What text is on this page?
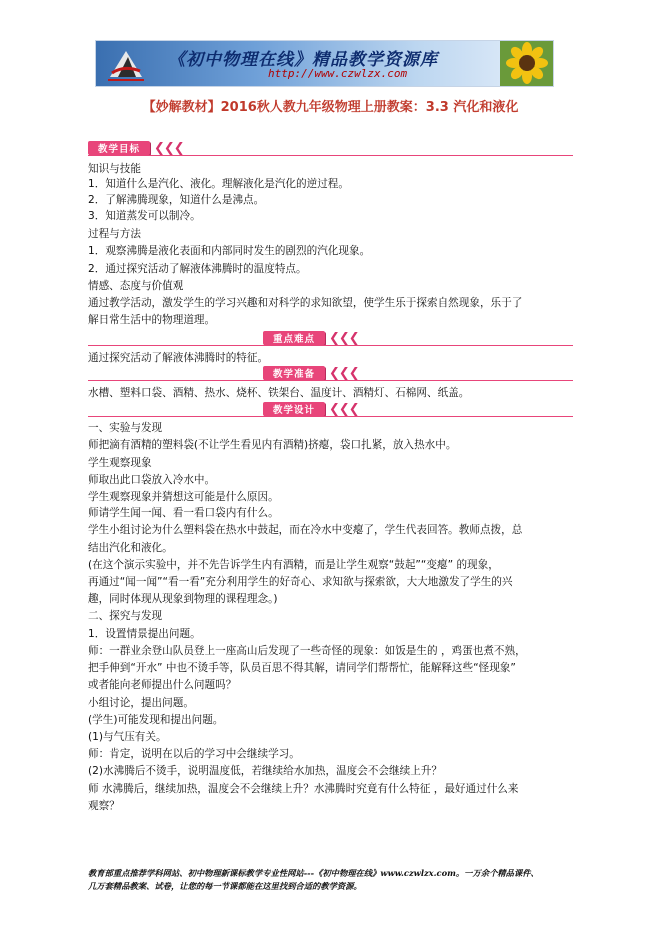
《初中物理在线》精品教学资源库
http://www.czwlzx.com
【妙解教材】2016秋人教九年级物理上册教案：3.3 汽化和液化
教学目标	❮❮❮
知识与技能
1．知道什么是汽化、液化。理解液化是汽化的逆过程。
2．了解沸腾现象，知道什么是沸点。
3．知道蒸发可以制冷。
过程与方法
1．观察沸腾是液化表面和内部同时发生的剧烈的汽化现象。
2．通过探究活动了解液体沸腾时的温度特点。
情感、态度与价值观
通过教学活动，激发学生的学习兴趣和对科学的求知欲望，使学生乐于探索自然现象，乐于了
解日常生活中的物理道理。
重点难点	❮❮❮
通过探究活动了解液体沸腾时的特征。
教学准备	❮❮❮
水槽、塑料口袋、酒精、热水、烧杯、铁架台、温度计、酒精灯、石棉网、纸盖。
教学设计	❮❮❮
一、实验与发现
师把滴有酒精的塑料袋(不让学生看见内有酒精)挤瘪，袋口扎紧，放入热水中。
学生观察现象
师取出此口袋放入冷水中。
学生观察现象并猜想这可能是什么原因。
师请学生闻一闻、看一看口袋内有什么。
学生小组讨论为什么塑料袋在热水中鼓起，而在冷水中变瘪了，学生代表回答。教师点拨，总
结出汽化和液化。
(在这个演示实验中，并不先告诉学生内有酒精，而是让学生观察“鼓起”“变瘪” 的现象，
再通过“闻一闻”“看一看”充分利用学生的好奇心、求知欲与探索欲，大大地激发了学生的兴
趣，同时体现从现象到物理的课程理念。)
二、探究与发现
1．设置情景提出问题。
师：一群业余登山队员登上一座高山后发现了一些奇怪的现象：如饭是生的 ，鸡蛋也煮不熟，
把手伸到“开水” 中也不烫手等，队员百思不得其解，请同学们帮帮忙，能解释这些“怪现象”
或者能向老师提出什么问题吗？
小组讨论，提出问题。
(学生)可能发现和提出问题。
(1)与气压有关。
师：肯定，说明在以后的学习中会继续学习。
(2)水沸腾后不烫手，说明温度低，若继续给水加热，温度会不会继续上升？
师 水沸腾后，继续加热，温度会不会继续上升？水沸腾时究竟有什么特征 ，最好通过什么来
观察？
教育部重点推荐学科网站、初中物理新课标教学专业性网站---《初中物理在线》www.czwlzx.com。一万余个精品课件、
几万套精品教案、试卷，让您的每一节课都能在这里找到合适的教学资源。
